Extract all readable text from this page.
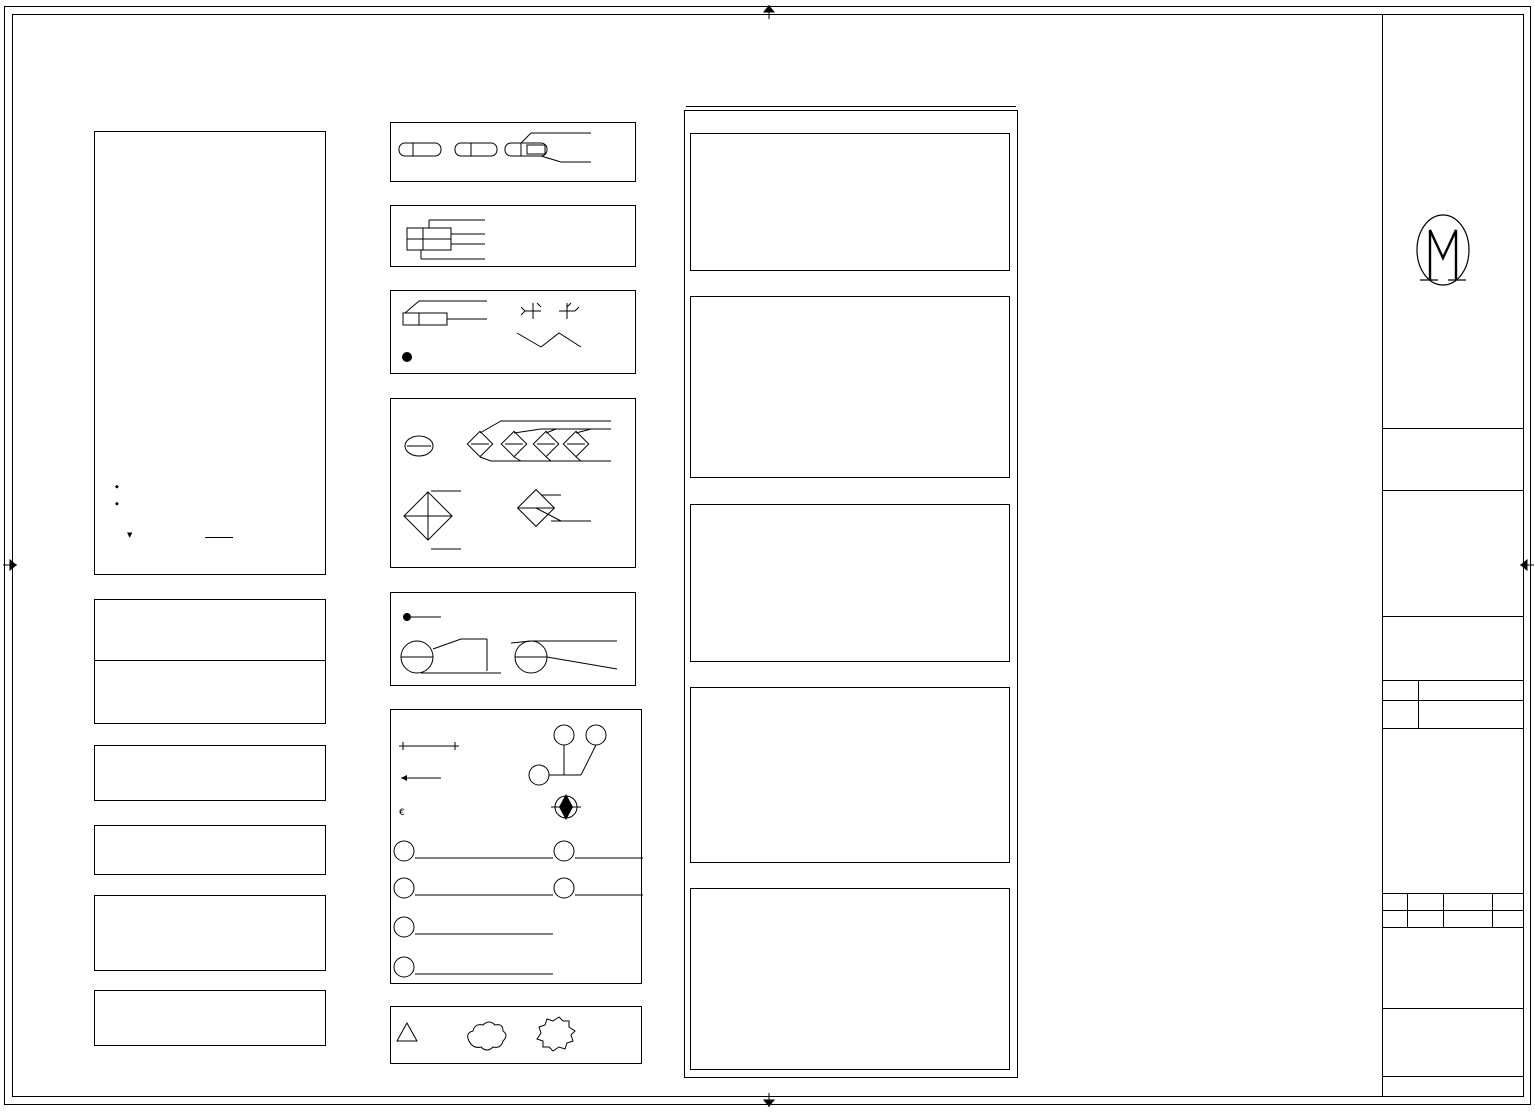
◆
◆
▼
€
